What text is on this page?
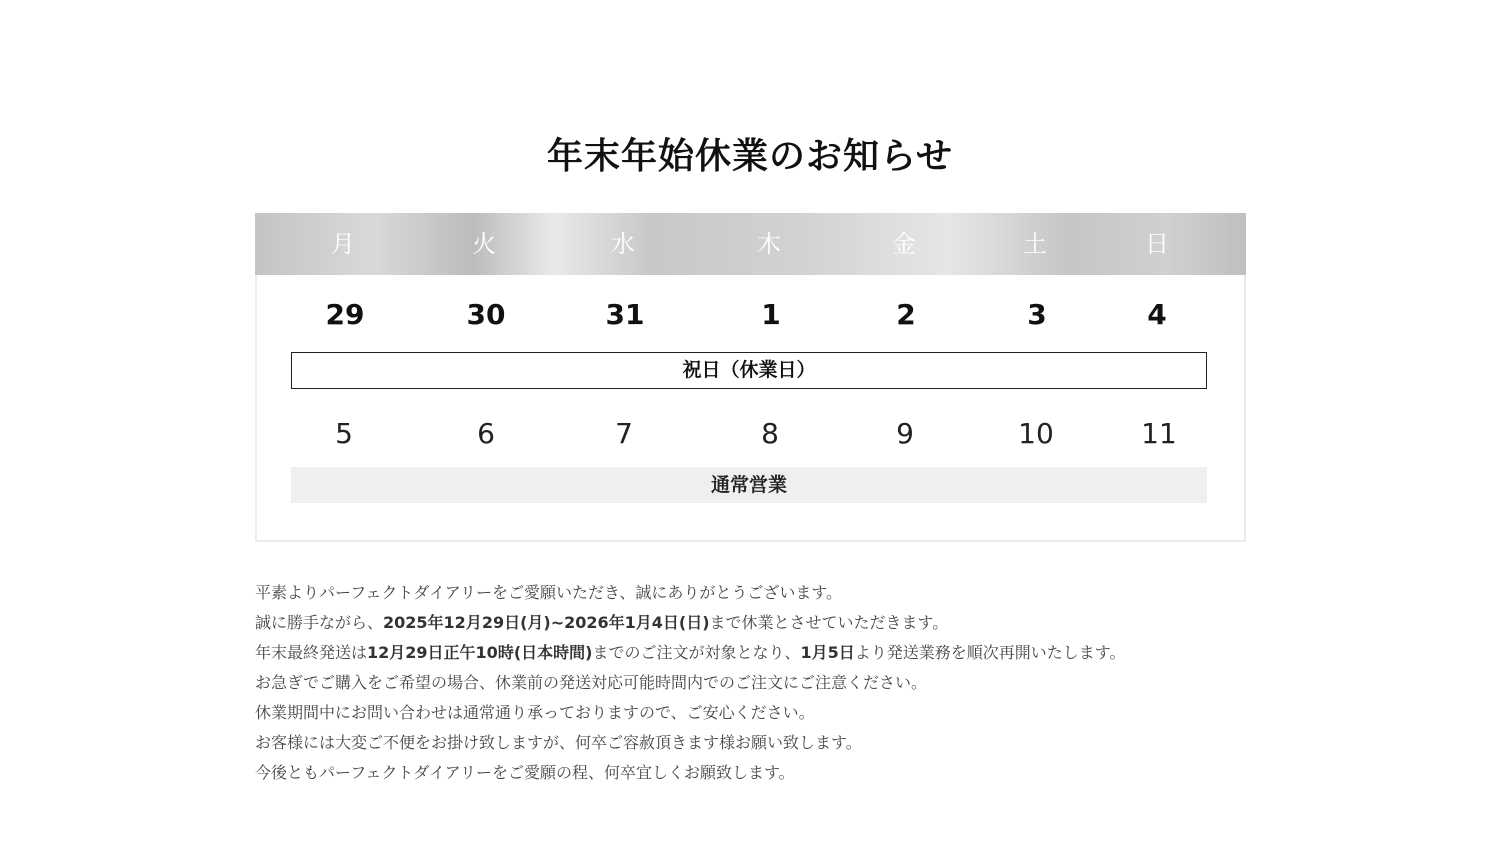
年末年始休業のお知らせ
月	火	水	木	金	土	日
29	30	31	1	2	3	4
祝日（休業日）
5	6	7	8	9	10	11
通常営業
平素よりパーフェクトダイアリーをご愛願いただき、誠にありがとうございます。
誠に勝手ながら、2025年12月29日(月)~2026年1月4日(日)まで休業とさせていただきます。
年末最終発送は12月29日正午10時(日本時間)までのご注文が対象となり、1月5日より発送業務を順次再開いたします。
お急ぎでご購入をご希望の場合、休業前の発送対応可能時間内でのご注文にご注意ください。
休業期間中にお問い合わせは通常通り承っておりますので、ご安心ください。
お客様には大変ご不便をお掛け致しますが、何卒ご容赦頂きます様お願い致します。
今後ともパーフェクトダイアリーをご愛願の程、何卒宜しくお願致します。
